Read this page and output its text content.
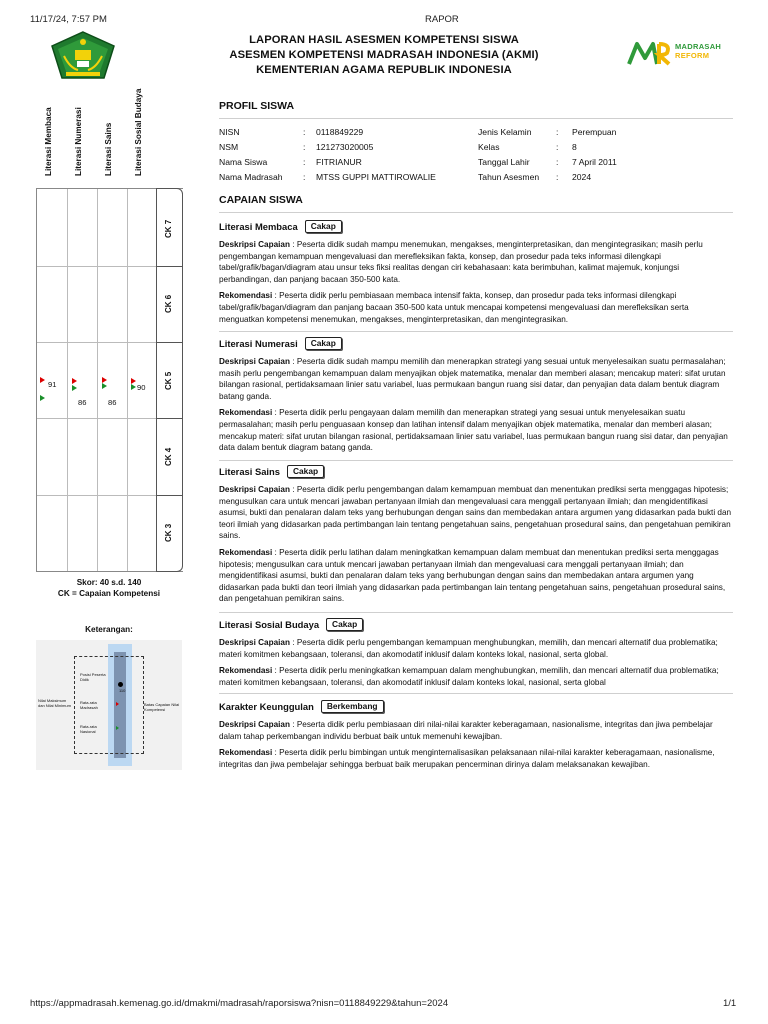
11/17/24, 7:57 PM	RAPOR
LAPORAN HASIL ASESMEN KOMPETENSI SISWA
ASESMEN KOMPETENSI MADRASAH INDONESIA (AKMI)
KEMENTERIAN AGAMA REPUBLIK INDONESIA
MADRASAH
REFORM
Literasi Membaca	Literasi Numerasi	Literasi Sains	Literasi Sosial Budaya
CK 7
CK 6
CK 5
CK 4
CK 3
91
86	86
90
Skor: 40 s.d. 140
CK = Capaian Kompetensi
Keterangan:
110
Posisi Peserta Didik
Rata-rata Madrasah
Rata-rata Nasional
Nilai Maksimum dan Nilai Minimum	Batas Capaian Nilai Kompetensi
PROFIL SISWA
NISN	:	0118849229
NSM	:	121273020005
Nama Siswa	:	FITRIANUR
Nama Madrasah	:	MTSS GUPPI MATTIROWALIE
Jenis Kelamin	:	Perempuan
Kelas	:	8
Tanggal Lahir	:	7 April 2011
Tahun Asesmen	:	2024
CAPAIAN SISWA
Literasi Membaca	Cakap
Deskripsi Capaian : Peserta didik sudah mampu menemukan, mengakses, menginterpretasikan, dan mengintegrasikan; masih perlu pengembangan kemampuan mengevaluasi dan merefleksikan fakta, konsep, dan prosedur pada teks informasi dilengkapi tabel/grafik/bagan/diagram atau unsur teks fiksi realitas dengan ciri kebahasaan: kata berimbuhan, kalimat majemuk, konjungsi perbandingan, dan panjang bacaan 350-500 kata.
Rekomendasi : Peserta didik perlu pembiasaan membaca intensif fakta, konsep, dan prosedur pada teks informasi dilengkapi tabel/grafik/bagan/diagram dan panjang bacaan 350-500 kata untuk mencapai kompetensi mengevaluasi dan merefleksikan serta menguatkan kompetensi menemukan, mengakses, menginterpretasikan, dan mengintegrasikan.
Literasi Numerasi	Cakap
Deskripsi Capaian : Peserta didik sudah mampu memilih dan menerapkan strategi yang sesuai untuk menyelesaikan suatu permasalahan; masih perlu pengembangan kemampuan dalam menyajikan objek matematika, menalar dan memberi alasan; mencakup materi: sifat urutan bilangan rasional, pertidaksamaan linier satu variabel, luas permukaan bangun ruang sisi datar, dan penyajian data dalam bentuk diagram batang ganda.
Rekomendasi : Peserta didik perlu pengayaan dalam memilih dan menerapkan strategi yang sesuai untuk menyelesaikan suatu permasalahan; masih perlu penguasaan konsep dan latihan intensif dalam menyajikan objek matematika, menalar dan memberi alasan; mencakup materi: sifat urutan bilangan rasional, pertidaksamaan linier satu variabel, luas permukaan bangun ruang sisi datar, dan penyajian data dalam bentuk diagram batang ganda.
Literasi Sains	Cakap
Deskripsi Capaian : Peserta didik perlu pengembangan dalam kemampuan membuat dan menentukan prediksi serta menggagas hipotesis; mengusulkan cara untuk mencari jawaban pertanyaan ilmiah dan mengevaluasi cara menggali pertanyaan ilmiah; dan mengidentifikasi asumsi, bukti dan penalaran dalam teks yang berhubungan dengan sains dan membedakan antara argumen yang didasarkan pada bukti dan teori ilmiah yang didasarkan pada pertimbangan lain tentang pengetahuan sains, pengetahuan prosedural sains, dan pengetahuan pemikiran sains.
Rekomendasi : Peserta didik perlu latihan dalam meningkatkan kemampuan dalam membuat dan menentukan prediksi serta menggagas hipotesis; mengusulkan cara untuk mencari jawaban pertanyaan ilmiah dan mengevaluasi cara menggali pertanyaan ilmiah; dan mengidentifikasi asumsi, bukti dan penalaran dalam teks yang berhubungan dengan sains dan membedakan antara argumen yang didasarkan pada bukti dan teori ilmiah yang didasarkan pada pertimbangan lain tentang pengetahuan sains, pengetahuan prosedural sains, dan pengetahuan pemikiran sains.
Literasi Sosial Budaya	Cakap
Deskripsi Capaian : Peserta didik perlu pengembangan kemampuan menghubungkan, memilih, dan mencari alternatif dua problematika; materi komitmen kebangsaan, toleransi, dan akomodatif inklusif dalam konteks lokal, nasional, serta global.
Rekomendasi : Peserta didik perlu meningkatkan kemampuan dalam menghubungkan, memilih, dan mencari alternatif dua problematika; materi komitmen kebangsaan, toleransi, dan akomodatif inklusif dalam konteks lokal, nasional, serta global
Karakter Keunggulan	Berkembang
Deskripsi Capaian : Peserta didik perlu pembiasaan diri nilai-nilai karakter keberagamaan, nasionalisme, integritas dan jiwa pembelajar dalam tahap perkembangan individu berbuat baik untuk memenuhi kewajiban.
Rekomendasi : Peserta didik perlu bimbingan untuk menginternalisasikan pelaksanaan nilai-nilai karakter keberagamaan, nasionalisme, integritas dan jiwa pembelajar sehingga berbuat baik merupakan pencerminan dirinya dalam melaksanakan kewajiban.
https://appmadrasah.kemenag.go.id/dmakmi/madrasah/raporsiswa?nisn=0118849229&tahun=2024	1/1
